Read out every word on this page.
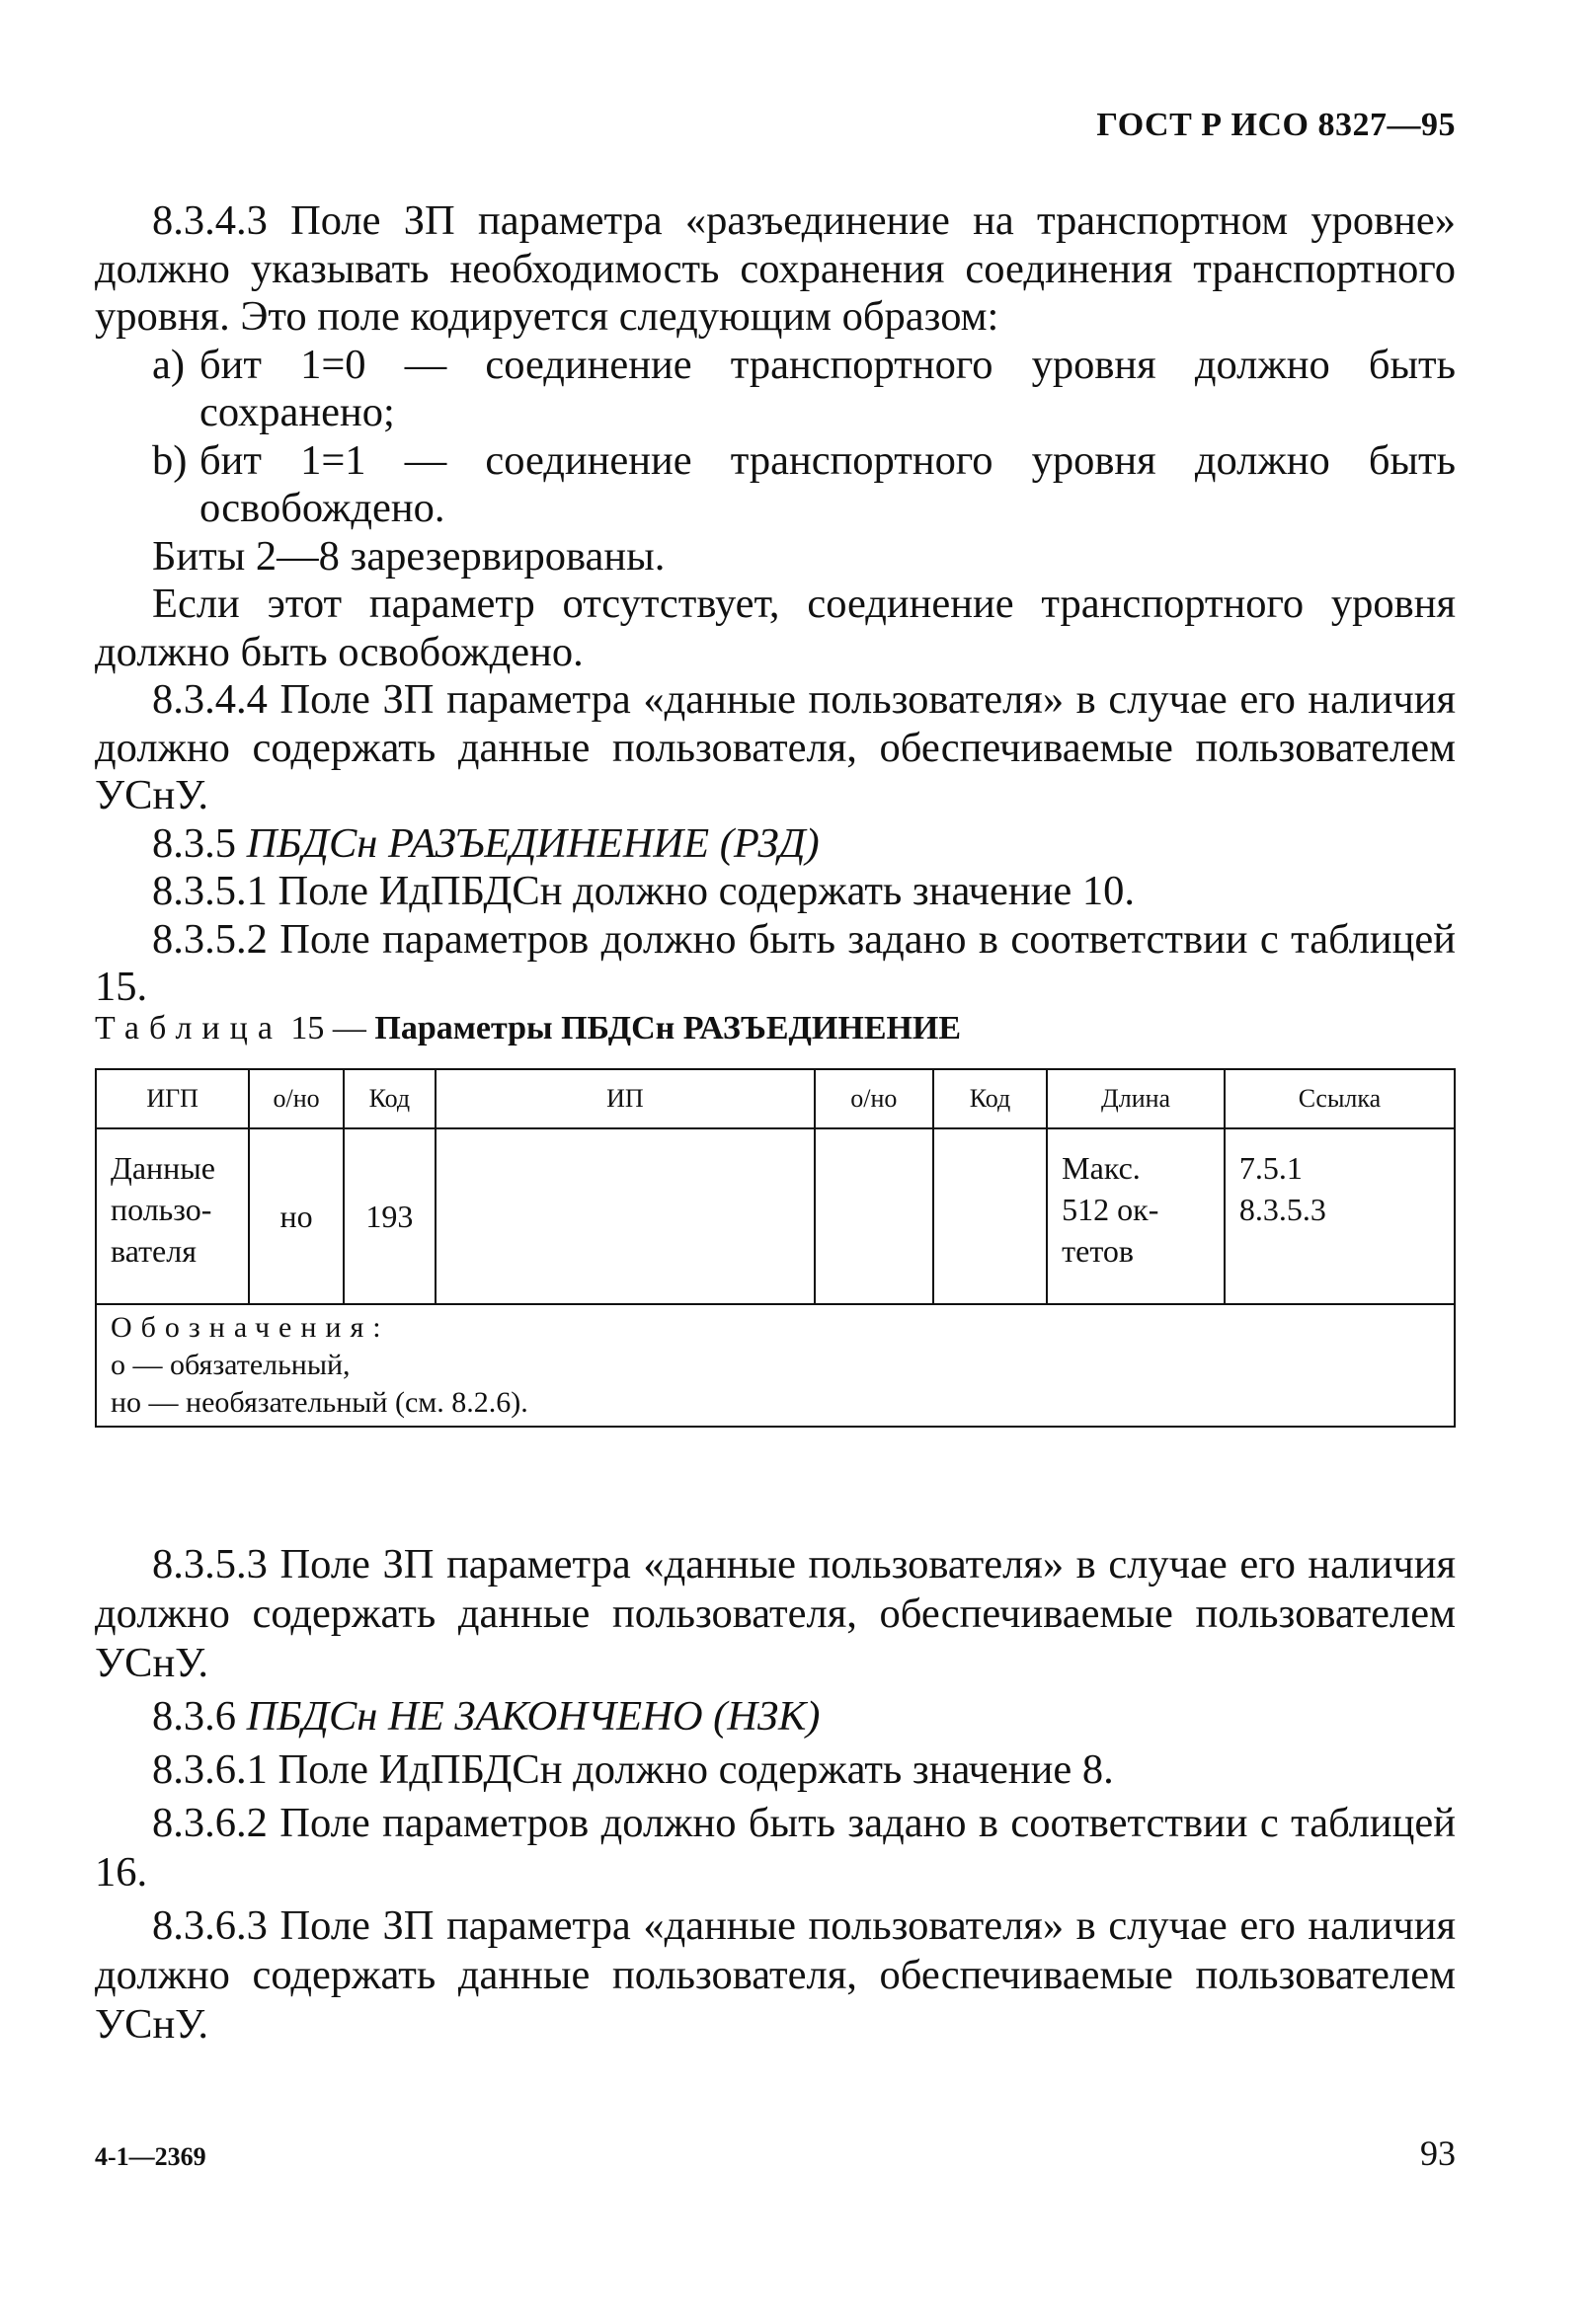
ГОСТ Р ИСО 8327—95

8.3.4.3 Поле ЗП параметра «разъединение на транспортном уровне» должно указывать необходимость сохранения соединения транспортного уровня. Это поле кодируется следующим образом:

a) бит 1=0 — соединение транспортного уровня должно быть сохранено;

b) бит 1=1 — соединение транспортного уровня должно быть освобождено.

Биты 2—8 зарезервированы.

Если этот параметр отсутствует, соединение транспортного уровня должно быть освобождено.

8.3.4.4 Поле ЗП параметра «данные пользователя» в случае его наличия должно содержать данные пользователя, обеспечиваемые пользователем УСнУ.

8.3.5 ПБДСн РАЗЪЕДИНЕНИЕ (РЗД)

8.3.5.1 Поле ИдПБДСн должно содержать значение 10.

8.3.5.2 Поле параметров должно быть задано в соответствии с таблицей 15.

Таблица 15 — Параметры ПБДСн РАЗЪЕДИНЕНИЕ
ИГП	о/но	Код	ИП	о/но	Код	Длина	Ссылка

Данные
пользо-
вателя	но	193				Макс.
512 ок-
тетов	7.5.1
8.3.5.3

Обозначения:
о — обязательный,
но — необязательный (см. 8.2.6).							

8.3.5.3 Поле ЗП параметра «данные пользователя» в случае его наличия должно содержать данные пользователя, обеспечиваемые пользователем УСнУ.

8.3.6 ПБДСн НЕ ЗАКОНЧЕНО (НЗК)

8.3.6.1 Поле ИдПБДСн должно содержать значение 8.

8.3.6.2 Поле параметров должно быть задано в соответствии с таблицей 16.

8.3.6.3 Поле ЗП параметра «данные пользователя» в случае его наличия должно содержать данные пользователя, обеспечиваемые пользователем УСнУ.

4-1—2369	93
